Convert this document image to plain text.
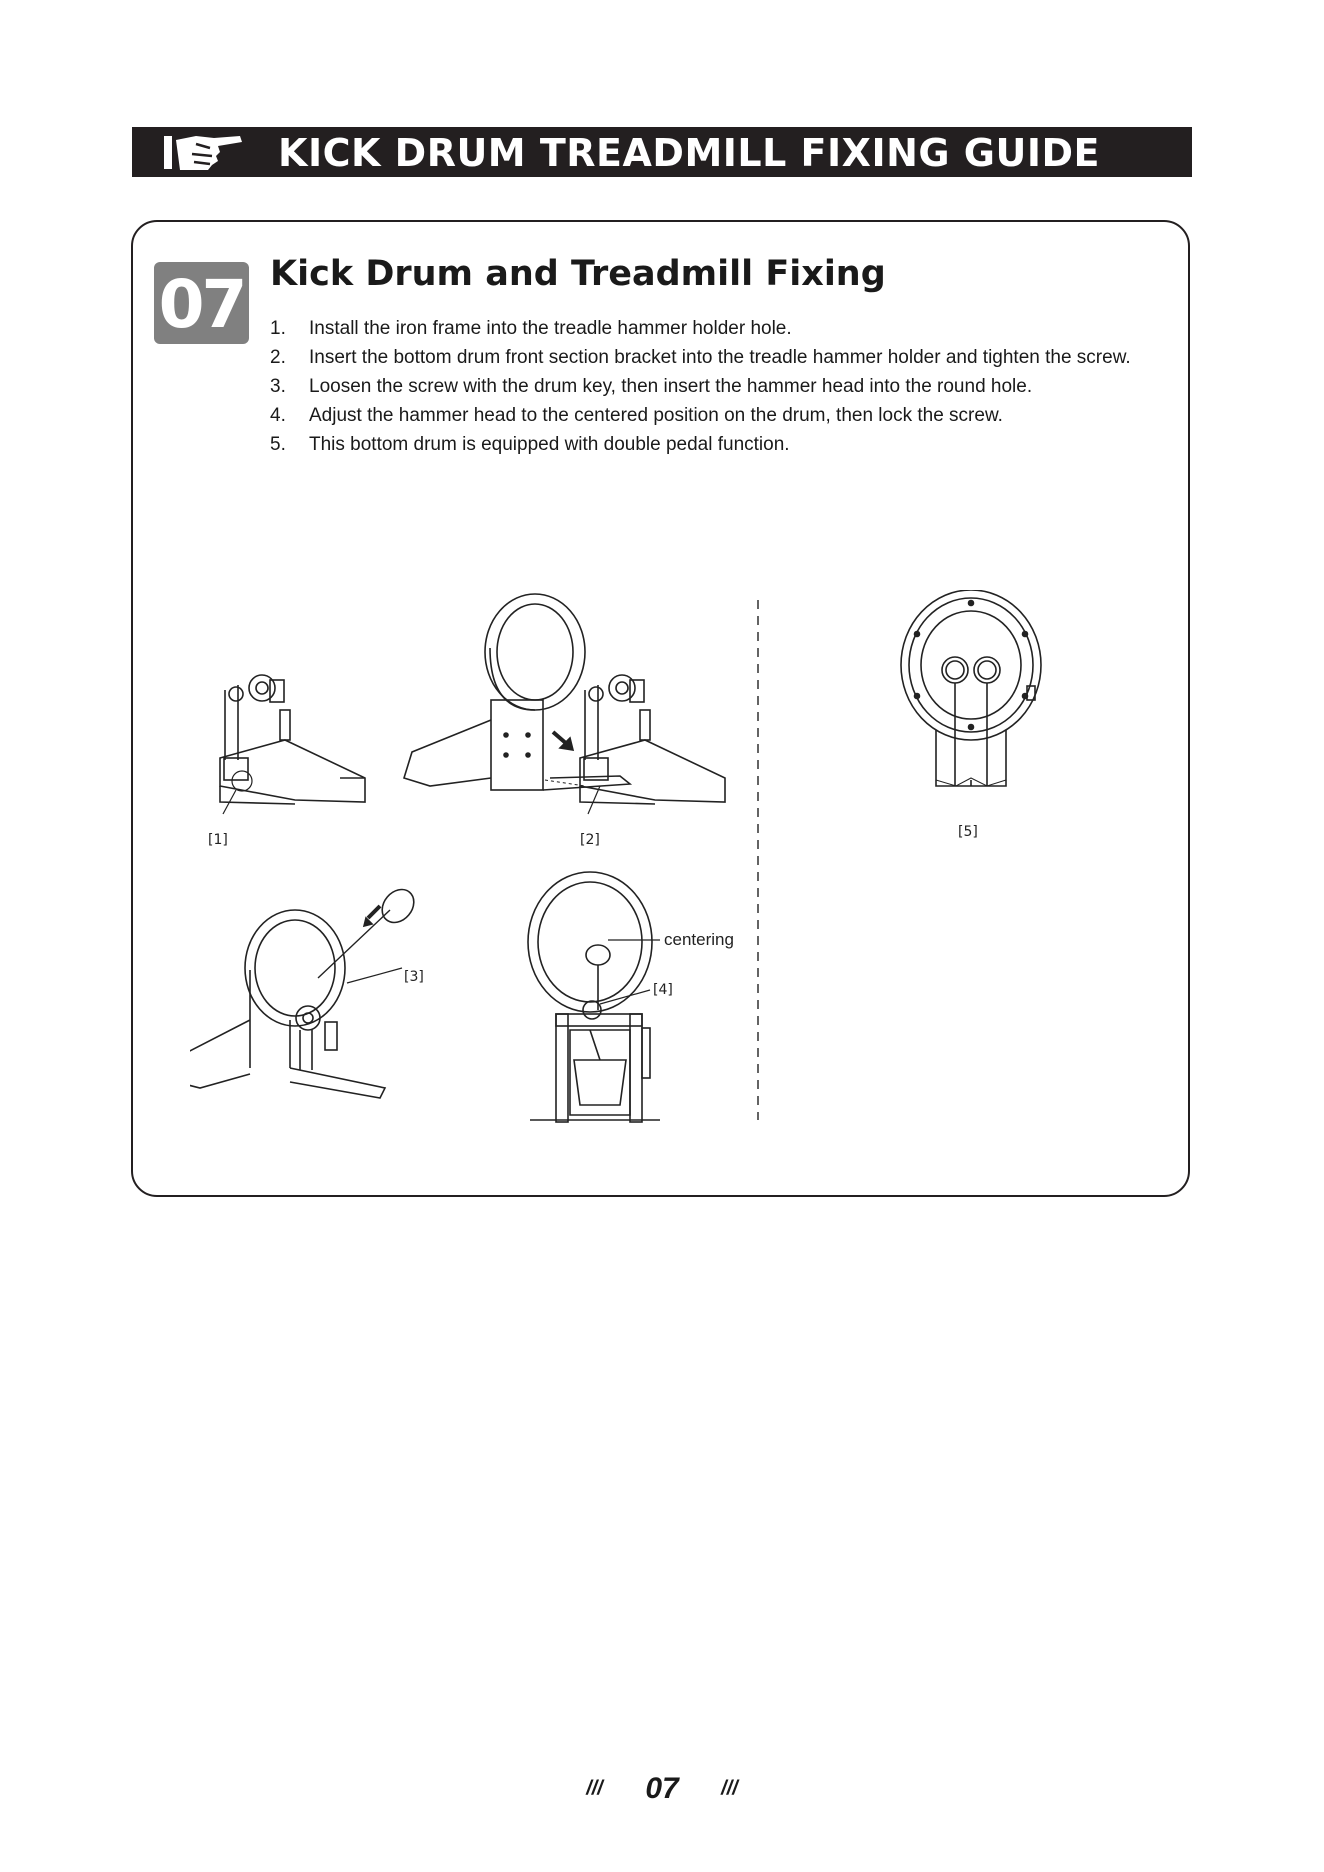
KICK DRUM TREADMILL FIXING GUIDE
07 Kick Drum and Treadmill Fixing
1. Install the iron frame into the treadle hammer holder hole.
2. Insert the bottom drum front section bracket into the treadle hammer holder and tighten the screw.
3. Loosen the screw with the drum key, then insert the hammer head into the round hole.
4. Adjust the hammer head to the centered position on the drum, then lock the screw.
5. This bottom drum is equipped with double pedal function.
[1]	[2]
[3]
[4]
[5]
centering
/// 07 ///
